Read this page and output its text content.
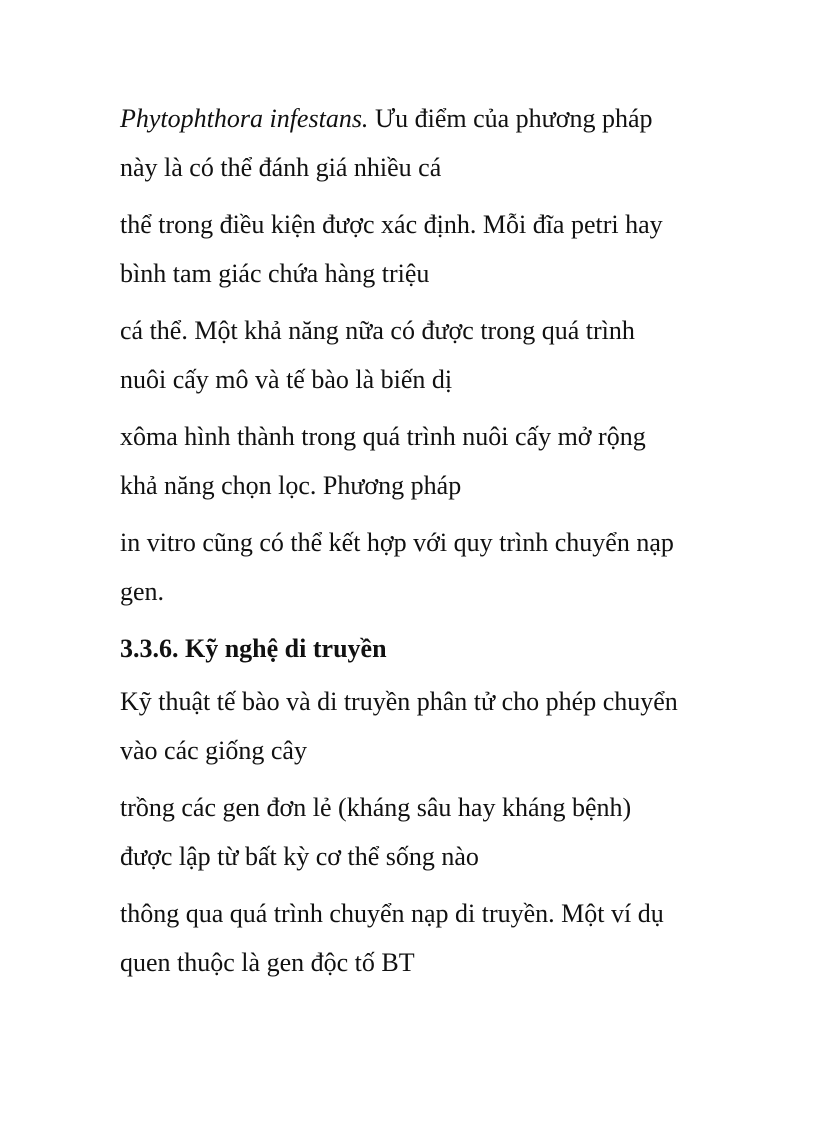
Phytophthora infestans. Ưu điểm của phương pháp
này là có thể đánh giá nhiều cá

thể trong điều kiện được xác định. Mỗi đĩa petri hay
bình tam giác chứa hàng triệu

cá thể. Một khả năng nữa có được trong quá trình
nuôi cấy mô và tế bào là biến dị

xôma hình thành trong quá trình nuôi cấy mở rộng
khả năng chọn lọc. Phương pháp

in vitro cũng có thể kết hợp với quy trình chuyển nạp
gen.

3.3.6. Kỹ nghệ di truyền

Kỹ thuật tế bào và di truyền phân tử cho phép chuyển
vào các giống cây

trồng các gen đơn lẻ (kháng sâu hay kháng bệnh)
được lập từ bất kỳ cơ thể sống nào

thông qua quá trình chuyển nạp di truyền. Một ví dụ
quen thuộc là gen độc tố BT
